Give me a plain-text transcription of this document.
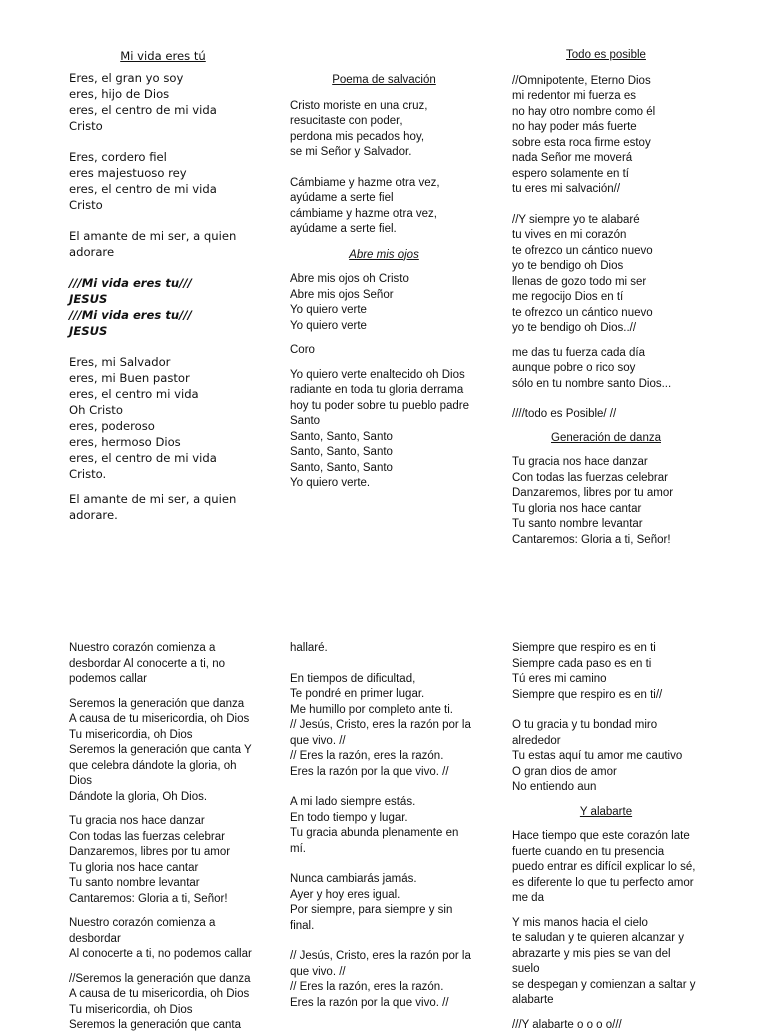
Mi vida eres tú
Eres, el gran yo soy
eres, hijo de Dios
eres, el centro de mi vida
Cristo
Eres, cordero fiel
eres majestuoso rey
eres, el centro de mi vida
Cristo
El amante de mi ser, a quien
adorare
///Mi vida eres tu///
JESUS
///Mi vida eres tu///
JESUS
Eres, mi Salvador
eres, mi Buen pastor
eres, el centro mi vida
Oh Cristo
eres, poderoso
eres, hermoso Dios
eres, el centro de mi vida
Cristo.
El amante de mi ser, a quien
adorare.
Poema de salvación
Cristo moriste en una cruz,
resucitaste con poder,
perdona mis pecados hoy,
se mi Señor y Salvador.
Cámbiame y hazme otra vez,
ayúdame a serte fiel
cámbiame y hazme otra vez,
ayúdame a serte fiel.
Abre mis ojos
Abre mis ojos oh Cristo
Abre mis ojos Señor
Yo quiero verte
Yo quiero verte
Coro
Yo quiero verte enaltecido oh Dios
radiante en toda tu gloria derrama
hoy tu poder sobre tu pueblo padre
Santo
Santo, Santo, Santo
Santo, Santo, Santo
Santo, Santo, Santo
Yo quiero verte.
Todo es posible
//Omnipotente, Eterno Dios
mi redentor mi fuerza es
no hay otro nombre como él
no hay poder más fuerte
sobre esta roca firme estoy
nada Señor me moverá
espero solamente en tí
tu eres mi salvación//
//Y siempre yo te alabaré
tu vives en mi corazón
te ofrezco un cántico nuevo
yo te bendigo oh Dios
llenas de gozo todo mi ser
me regocijo Dios en tí
te ofrezco un cántico nuevo
yo te bendigo oh Dios..//
me das tu fuerza cada día
aunque pobre o rico soy
sólo en tu nombre santo Dios...
////todo es Posible/ //
Generación de danza
Tu gracia nos hace danzar
Con todas las fuerzas celebrar
Danzaremos, libres por tu amor
Tu gloria nos hace cantar
Tu santo nombre levantar
Cantaremos: Gloria a ti, Señor!
Nuestro corazón comienza a
desbordar Al conocerte a ti, no
podemos callar
Seremos la generación que danza
A causa de tu misericordia, oh Dios
Tu misericordia, oh Dios
Seremos la generación que canta Y
que celebra dándote la gloria, oh
Dios
Dándote la gloria, Oh Dios.
Tu gracia nos hace danzar
Con todas las fuerzas celebrar
Danzaremos, libres por tu amor
Tu gloria nos hace cantar
Tu santo nombre levantar
Cantaremos: Gloria a ti, Señor!
Nuestro corazón comienza a
desbordar
Al conocerte a ti, no podemos callar
//Seremos la generación que danza
A causa de tu misericordia, oh Dios
Tu misericordia, oh Dios
Seremos la generación que canta
hallaré.
En tiempos de dificultad,
Te pondré en primer lugar.
Me humillo por completo ante ti.
// Jesús, Cristo, eres la razón por la
que vivo. //
// Eres la razón, eres la razón.
Eres la razón por la que vivo. //
A mi lado siempre estás.
En todo tiempo y lugar.
Tu gracia abunda plenamente en
mí.
Nunca cambiarás jamás.
Ayer y hoy eres igual.
Por siempre, para siempre y sin
final.
// Jesús, Cristo, eres la razón por la
que vivo. //
// Eres la razón, eres la razón.
Eres la razón por la que vivo. //
Siempre que respiro es en ti
Siempre cada paso es en ti
Tú eres mi camino
Siempre que respiro es en ti//
O tu gracia y tu bondad miro
alrededor
Tu estas aquí tu amor me cautivo
O gran dios de amor
No entiendo aun
Y alabarte
Hace tiempo que este corazón late
fuerte cuando en tu presencia
puedo entrar es difícil explicar lo sé,
es diferente lo que tu perfecto amor
me da
Y mis manos hacia el cielo
te saludan y te quieren alcanzar y
abrazarte y mis pies se van del
suelo
se despegan y comienzan a saltar y
alabarte
///Y alabarte o o o o///
